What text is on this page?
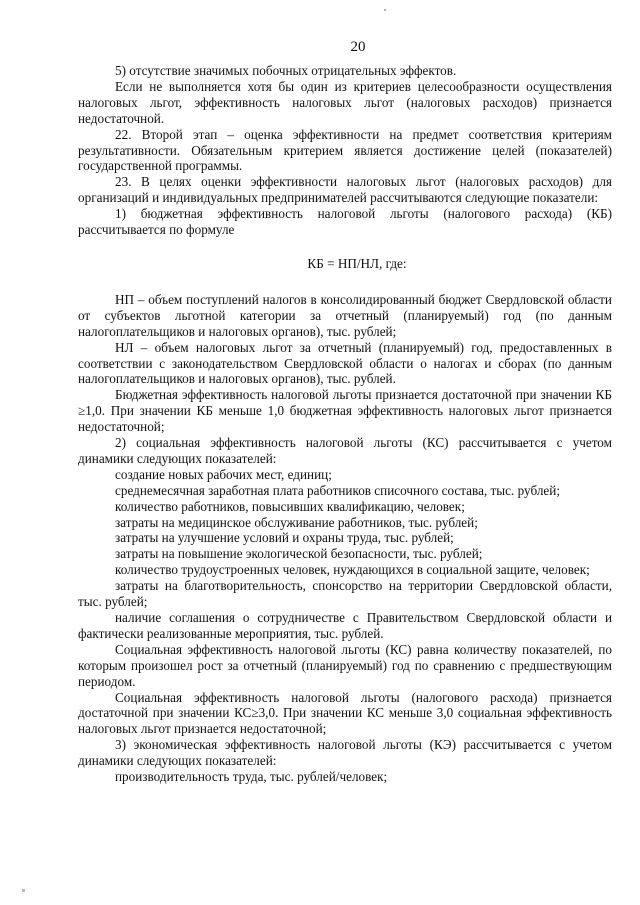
20

5) отсутствие значимых побочных отрицательных эффектов.

Если не выполняется хотя бы один из критериев целесообразности осуществления налоговых льгот, эффективность налоговых льгот (налоговых расходов) признается недостаточной.

22. Второй этап – оценка эффективности на предмет соответствия критериям результативности. Обязательным критерием является достижение целей (показателей) государственной программы.

23. В целях оценки эффективности налоговых льгот (налоговых расходов) для организаций и индивидуальных предпринимателей рассчитываются следующие показатели:

1) бюджетная эффективность налоговой льготы (налогового расхода) (КБ) рассчитывается по формуле

КБ = НП/НЛ, где:

НП – объем поступлений налогов в консолидированный бюджет Свердловской области от субъектов льготной категории за отчетный (планируемый) год (по данным налогоплательщиков и налоговых органов), тыс. рублей;

НЛ – объем налоговых льгот за отчетный (планируемый) год, предоставленных в соответствии с законодательством Свердловской области о налогах и сборах (по данным налогоплательщиков и налоговых органов), тыс. рублей.

Бюджетная эффективность налоговой льготы признается достаточной при значении КБ ≥1,0. При значении КБ меньше 1,0 бюджетная эффективность налоговых льгот признается недостаточной;

2) социальная эффективность налоговой льготы (КС) рассчитывается с учетом динамики следующих показателей:

создание новых рабочих мест, единиц;

среднемесячная заработная плата работников списочного состава, тыс. рублей;

количество работников, повысивших квалификацию, человек;

затраты на медицинское обслуживание работников, тыс. рублей;

затраты на улучшение условий и охраны труда, тыс. рублей;

затраты на повышение экологической безопасности, тыс. рублей;

количество трудоустроенных человек, нуждающихся в социальной защите, человек;

затраты на благотворительность, спонсорство на территории Свердловской области, тыс. рублей;

наличие соглашения о сотрудничестве с Правительством Свердловской области и фактически реализованные мероприятия, тыс. рублей.

Социальная эффективность налоговой льготы (КС) равна количеству показателей, по которым произошел рост за отчетный (планируемый) год по сравнению с предшествующим периодом.

Социальная эффективность налоговой льготы (налогового расхода) признается достаточной при значении КС≥3,0. При значении КС меньше 3,0 социальная эффективность налоговых льгот признается недостаточной;

3) экономическая эффективность налоговой льготы (КЭ) рассчитывается с учетом динамики следующих показателей:

производительность труда, тыс. рублей/человек;
